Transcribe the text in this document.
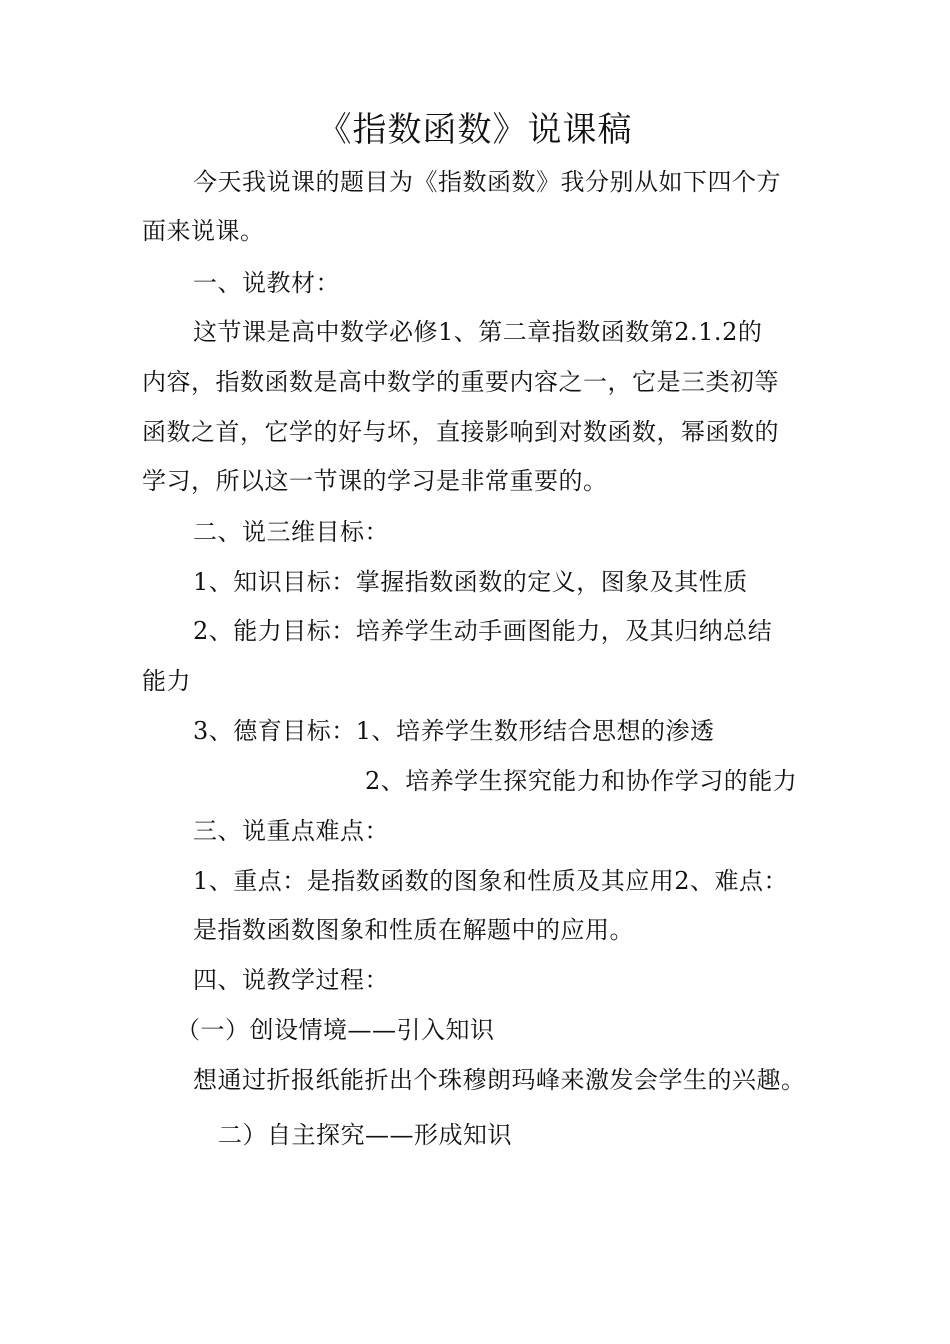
《指数函数》说课稿
今天我说课的题目为《指数函数》我分别从如下四个方
面来说课。
一、说教材：
这节课是高中数学必修1、第二章指数函数第2.1.2的
内容，指数函数是高中数学的重要内容之一，它是三类初等
函数之首，它学的好与坏，直接影响到对数函数，幂函数的
学习，所以这一节课的学习是非常重要的。
二、说三维目标：
1、知识目标：掌握指数函数的定义，图象及其性质
2、能力目标：培养学生动手画图能力，及其归纳总结
能力
3、德育目标：1、培养学生数形结合思想的渗透
2、培养学生探究能力和协作学习的能力
三、说重点难点：
1、重点：是指数函数的图象和性质及其应用2、难点：
是指数函数图象和性质在解题中的应用。
四、说教学过程：
（一）创设情境——引入知识
想通过折报纸能折出个珠穆朗玛峰来激发会学生的兴趣。
二）自主探究——形成知识
